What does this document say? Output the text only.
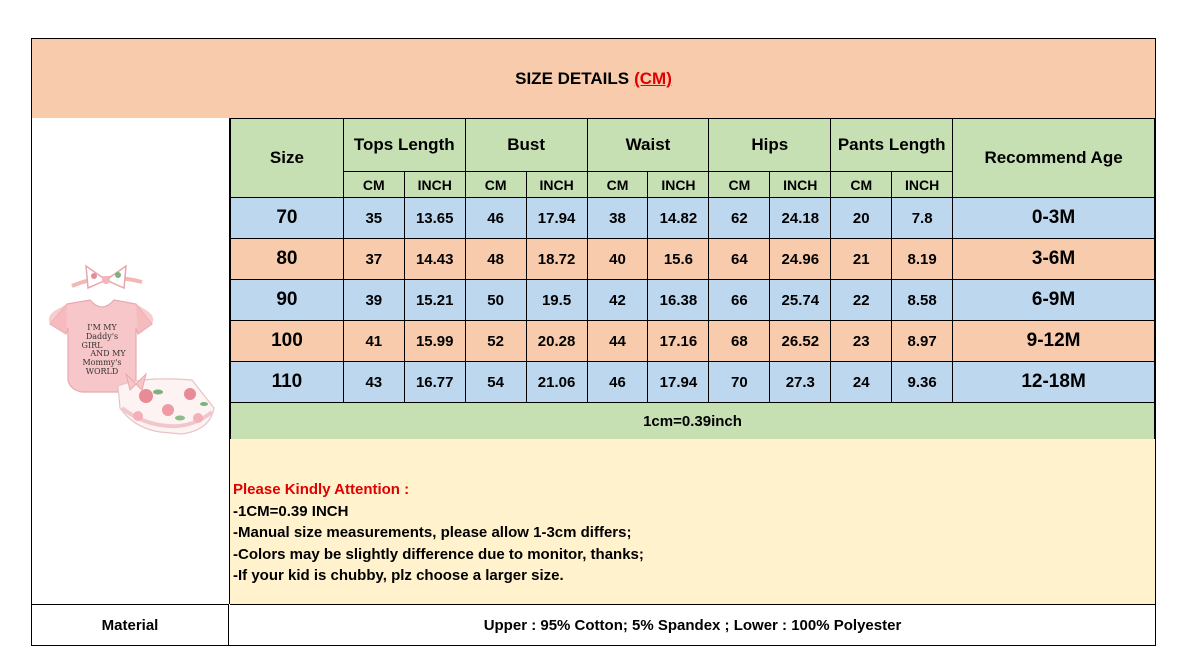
SIZE DETAILS (CM)
I'M MY
Daddy's
GIRL
AND MY
Mommy's
WORLD
Size	Tops Length		Bust		Waist		Hips		Pants Length		Recommend Age
	CM	INCH	CM	INCH	CM	INCH	CM	INCH	CM	INCH	
70	35	13.65	46	17.94	38	14.82	62	24.18	20	7.8	0-3M
80	37	14.43	48	18.72	40	15.6	64	24.96	21	8.19	3-6M
90	39	15.21	50	19.5	42	16.38	66	25.74	22	8.58	6-9M
100	41	15.99	52	20.28	44	17.16	68	26.52	23	8.97	9-12M
110	43	16.77	54	21.06	46	17.94	70	27.3	24	9.36	12-18M
1cm=0.39inch											
Please Kindly Attention :
-1CM=0.39 INCH
-Manual size measurements, please allow 1-3cm differs;
-Colors may be slightly difference due to monitor, thanks;
-If your kid is chubby, plz choose a larger size.
Material	Upper : 95% Cotton; 5% Spandex ; Lower : 100% Polyester
